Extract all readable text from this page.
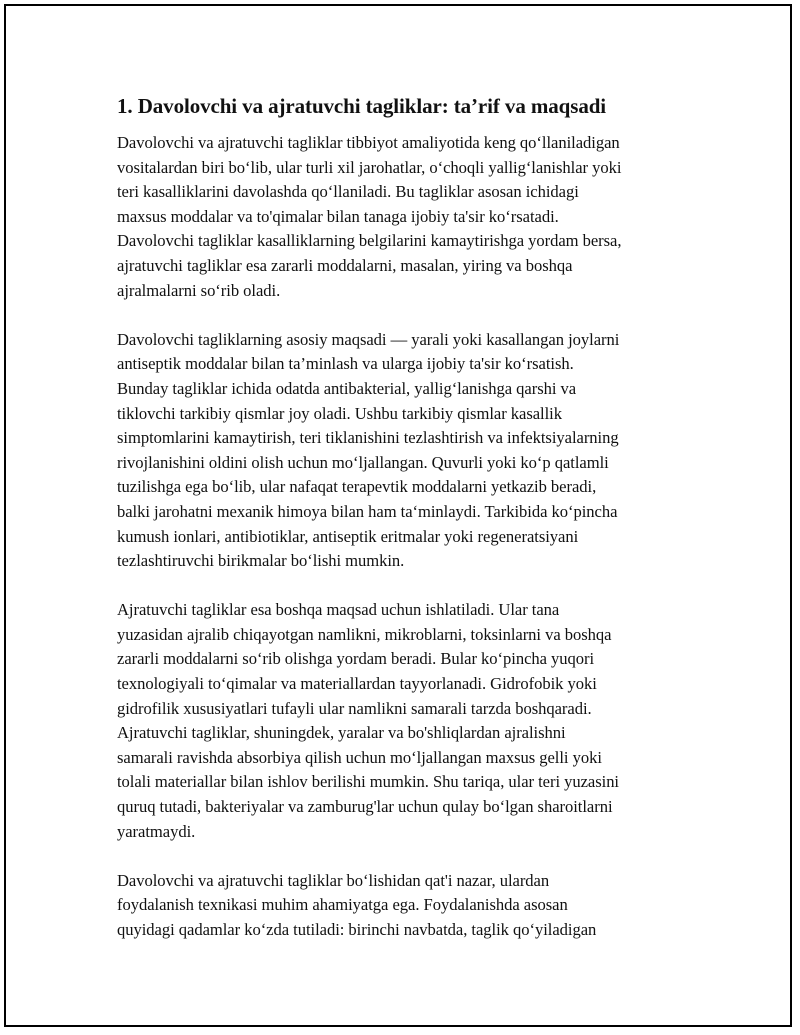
1. Davolovchi va ajratuvchi tagliklar: ta’rif va maqsadi

Davolovchi va ajratuvchi tagliklar tibbiyot amaliyotida keng qo‘llaniladigan
vositalardan biri bo‘lib, ular turli xil jarohatlar, o‘choqli yallig‘lanishlar yoki
teri kasalliklarini davolashda qo‘llaniladi. Bu tagliklar asosan ichidagi
maxsus moddalar va to'qimalar bilan tanaga ijobiy ta'sir ko‘rsatadi.
Davolovchi tagliklar kasalliklarning belgilarini kamaytirishga yordam bersa,
ajratuvchi tagliklar esa zararli moddalarni, masalan, yiring va boshqa
ajralmalarni so‘rib oladi.

Davolovchi tagliklarning asosiy maqsadi — yarali yoki kasallangan joylarni
antiseptik moddalar bilan ta’minlash va ularga ijobiy ta'sir ko‘rsatish.
Bunday tagliklar ichida odatda antibakterial, yallig‘lanishga qarshi va
tiklovchi tarkibiy qismlar joy oladi. Ushbu tarkibiy qismlar kasallik
simptomlarini kamaytirish, teri tiklanishini tezlashtirish va infektsiyalarning
rivojlanishini oldini olish uchun mo‘ljallangan. Quvurli yoki ko‘p qatlamli
tuzilishga ega bo‘lib, ular nafaqat terapevtik moddalarni yetkazib beradi,
balki jarohatni mexanik himoya bilan ham ta‘minlaydi. Tarkibida ko‘pincha
kumush ionlari, antibiotiklar, antiseptik eritmalar yoki regeneratsiyani
tezlashtiruvchi birikmalar bo‘lishi mumkin.

Ajratuvchi tagliklar esa boshqa maqsad uchun ishlatiladi. Ular tana
yuzasidan ajralib chiqayotgan namlikni, mikroblarni, toksinlarni va boshqa
zararli moddalarni so‘rib olishga yordam beradi. Bular ko‘pincha yuqori
texnologiyali to‘qimalar va materiallardan tayyorlanadi. Gidrofobik yoki
gidrofilik xususiyatlari tufayli ular namlikni samarali tarzda boshqaradi.
Ajratuvchi tagliklar, shuningdek, yaralar va bo'shliqlardan ajralishni
samarali ravishda absorbiya qilish uchun mo‘ljallangan maxsus gelli yoki
tolali materiallar bilan ishlov berilishi mumkin. Shu tariqa, ular teri yuzasini
quruq tutadi, bakteriyalar va zamburug'lar uchun qulay bo‘lgan sharoitlarni
yaratmaydi.

Davolovchi va ajratuvchi tagliklar bo‘lishidan qat'i nazar, ulardan
foydalanish texnikasi muhim ahamiyatga ega. Foydalanishda asosan
quyidagi qadamlar ko‘zda tutiladi: birinchi navbatda, taglik qo‘yiladigan
